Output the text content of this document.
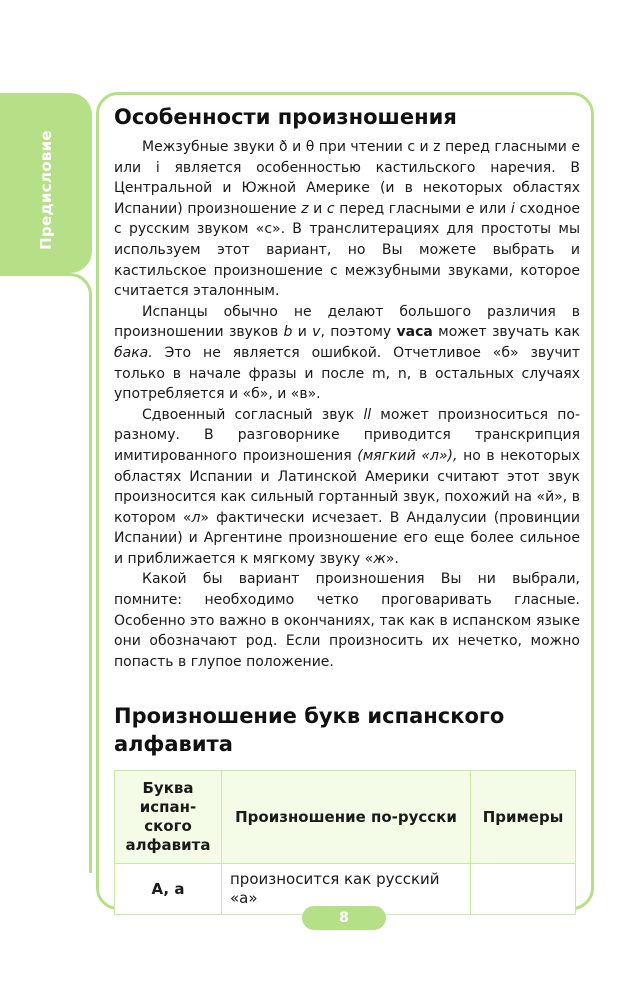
Предисловие
Особенности произношения

Межзубные звуки ð и θ при чтении c и z перед гласными e или i является особенностью кастильского наречия. В Центральной и Южной Америке (и в некоторых областях Испании) произношение z и c перед гласными e или i сходное с русским звуком «с». В транслитерациях для простоты мы используем этот вариант, но Вы можете выбрать и кастильское произношение с межзубными звуками, которое считается эталонным.

Испанцы обычно не делают большого различия в произношении звуков b и v, поэтому vaca может звучать как бака. Это не является ошибкой. Отчетливое «б» звучит только в начале фразы и после m, n, в остальных случаях употребляется и «б», и «в».

Сдвоенный согласный звук ll может произноситься по-разному. В разговорнике приводится транскрипция имитированного произношения (мягкий «л»), но в некоторых областях Испании и Латинской Америки считают этот звук произносится как сильный гортанный звук, похожий на «й», в котором «л» фактически исчезает. В Андалусии (провинции Испании) и Аргентине произношение его еще более сильное и приближается к мягкому звуку «ж».

Какой бы вариант произношения Вы ни выбрали, помните: необходимо четко проговаривать гласные. Особенно это важно в окончаниях, так как в испанском языке они обозначают род. Если произносить их нечетко, можно попасть в глупое положение.

Произношение букв испанского алфавита
Буква испанского алфавита	Произношение по-русски	Примеры
A, a	произносится как русский «а»	
8
